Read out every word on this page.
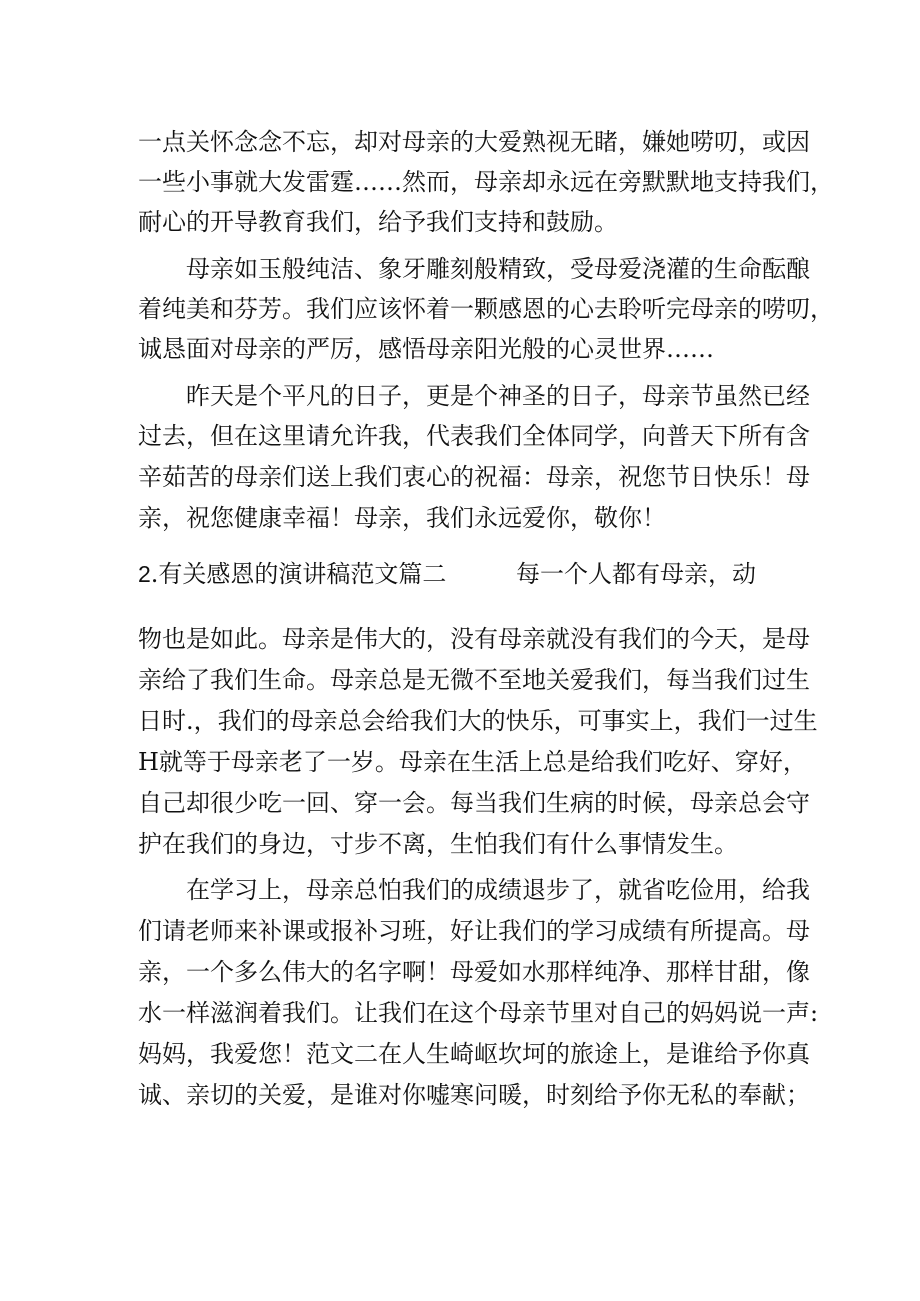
一点关怀念念不忘，却对母亲的大爱熟视无睹，嫌她唠叨，或因
一些小事就大发雷霆……然而，母亲却永远在旁默默地支持我们，
耐心的开导教育我们，给予我们支持和鼓励。
母亲如玉般纯洁、象牙雕刻般精致，受母爱浇灌的生命酝酿
着纯美和芬芳。我们应该怀着一颗感恩的心去聆听完母亲的唠叨，
诚恳面对母亲的严厉，感悟母亲阳光般的心灵世界……
昨天是个平凡的日子，更是个神圣的日子，母亲节虽然已经
过去，但在这里请允许我，代表我们全体同学，向普天下所有含
辛茹苦的母亲们送上我们衷心的祝福：母亲，祝您节日快乐！母
亲，祝您健康幸福！母亲，我们永远爱你，敬你！
2.有关感恩的演讲稿范文篇二	每一个人都有母亲，动
物也是如此。母亲是伟大的，没有母亲就没有我们的今天，是母
亲给了我们生命。母亲总是无微不至地关爱我们，每当我们过生
日时.，我们的母亲总会给我们大的快乐，可事实上，我们一过生
H就等于母亲老了一岁。母亲在生活上总是给我们吃好、穿好，
自己却很少吃一回、穿一会。每当我们生病的时候，母亲总会守
护在我们的身边，寸步不离，生怕我们有什么事情发生。
在学习上，母亲总怕我们的成绩退步了，就省吃俭用，给我
们请老师来补课或报补习班，好让我们的学习成绩有所提高。母
亲，一个多么伟大的名字啊！母爱如水那样纯净、那样甘甜，像
水一样滋润着我们。让我们在这个母亲节里对自己的妈妈说一声:
妈妈，我爱您！范文二在人生崎岖坎坷的旅途上，是谁给予你真
诚、亲切的关爱，是谁对你嘘寒问暖，时刻给予你无私的奉献；
